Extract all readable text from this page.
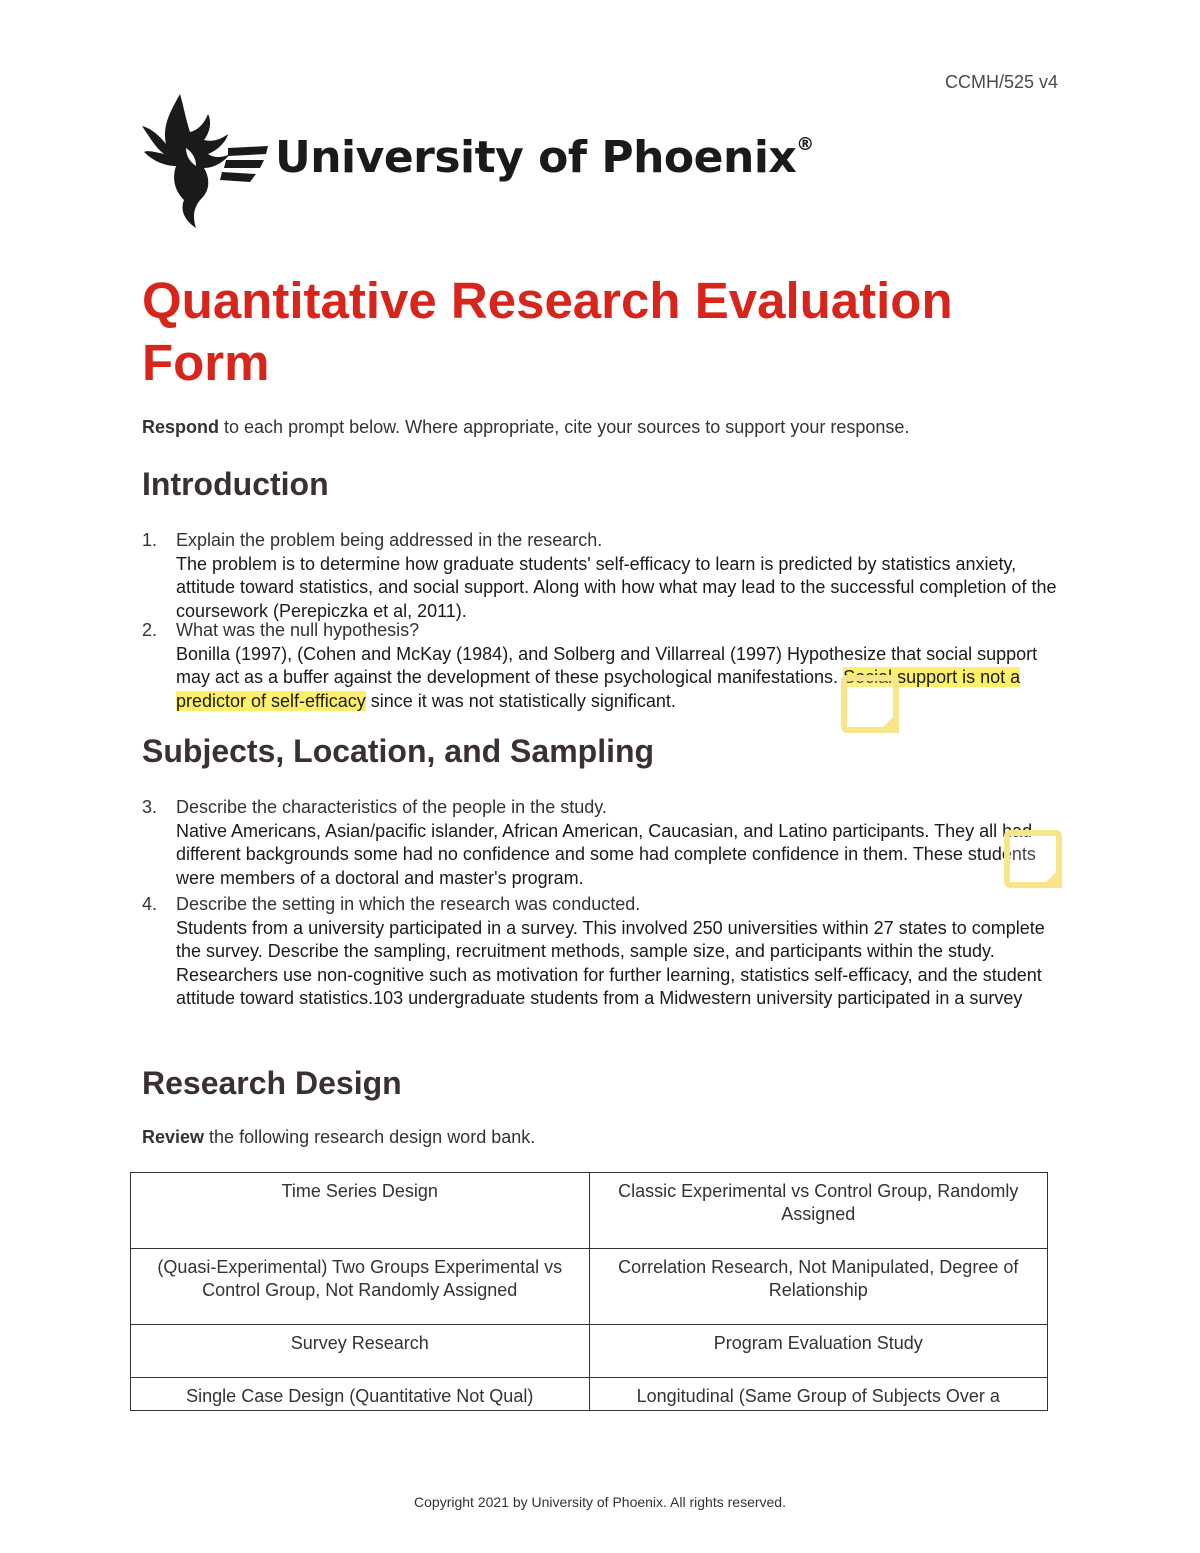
CCMH/525 v4
University of Phoenix®
Quantitative Research Evaluation Form

Respond to each prompt below. Where appropriate, cite your sources to support your response.

Introduction
1. Explain the problem being addressed in the research.
The problem is to determine how graduate students' self-efficacy to learn is predicted by statistics anxiety, attitude toward statistics, and social support. Along with how what may lead to the successful completion of the coursework (Perepiczka et al, 2011).
2. What was the null hypothesis?
Bonilla (1997), (Cohen and McKay (1984), and Solberg and Villarreal (1997) Hypothesize that social support may act as a buffer against the development of these psychological manifestations. Social support is not a predictor of self-efficacy since it was not statistically significant.
Subjects, Location, and Sampling
3. Describe the characteristics of the people in the study.
Native Americans, Asian/pacific islander, African American, Caucasian, and Latino participants. They all had different backgrounds some had no confidence and some had complete confidence in them. These students were members of a doctoral and master's program.
4. Describe the setting in which the research was conducted.
Students from a university participated in a survey. This involved 250 universities within 27 states to complete the survey. Describe the sampling, recruitment methods, sample size, and participants within the study.
Researchers use non-cognitive such as motivation for further learning, statistics self-efficacy, and the student attitude toward statistics.103 undergraduate students from a Midwestern university participated in a survey
Research Design

Review the following research design word bank.

Time Series Design	Classic Experimental vs Control Group, Randomly Assigned
(Quasi-Experimental) Two Groups Experimental vs Control Group, Not Randomly Assigned	Correlation Research, Not Manipulated, Degree of Relationship
Survey Research	Program Evaluation Study
Single Case Design (Quantitative Not Qual)	Longitudinal (Same Group of Subjects Over a
Copyright 2021 by University of Phoenix. All rights reserved.
